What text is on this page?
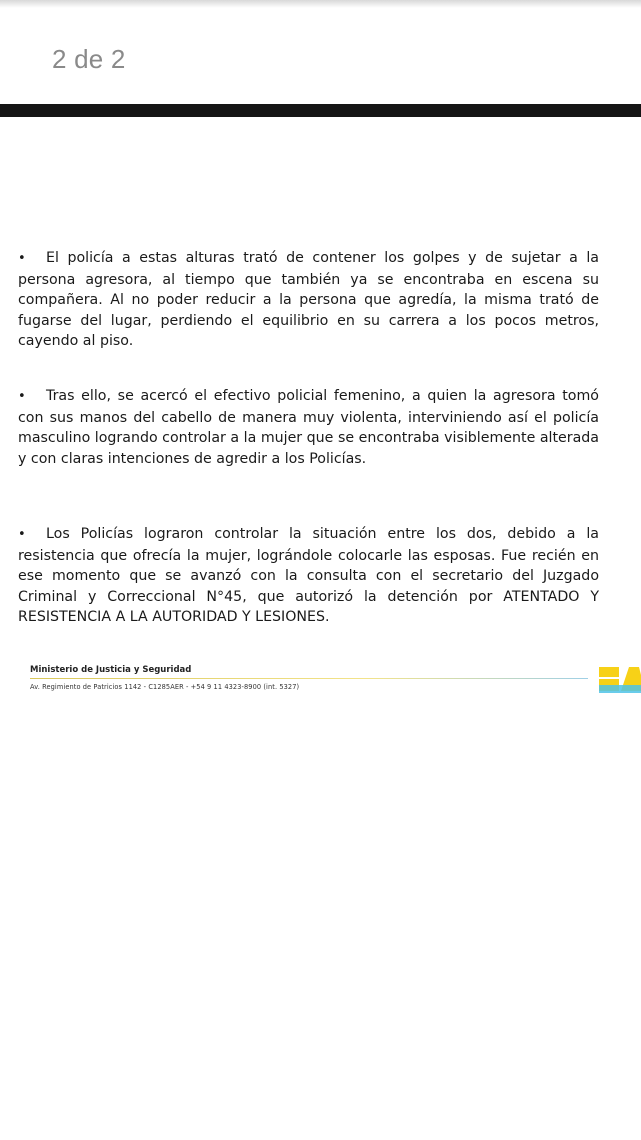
2 de 2

• El policía a estas alturas trató de contener los golpes y de sujetar a la persona agresora, al tiempo que también ya se encontraba en escena su compañera. Al no poder reducir a la persona que agredía, la misma trató de fugarse del lugar, perdiendo el equilibrio en su carrera a los pocos metros, cayendo al piso.

• Tras ello, se acercó el efectivo policial femenino, a quien la agresora tomó con sus manos del cabello de manera muy violenta, interviniendo así el policía masculino logrando controlar a la mujer que se encontraba visiblemente alterada y con claras intenciones de agredir a los Policías.

• Los Policías lograron controlar la situación entre los dos, debido a la resistencia que ofrecía la mujer, lográndole colocarle las esposas. Fue recién en ese momento que se avanzó con la consulta con el secretario del Juzgado Criminal y Correccional N°45, que autorizó la detención por ATENTADO Y RESISTENCIA A LA AUTORIDAD Y LESIONES.

Ministerio de Justicia y Seguridad
Av. Regimiento de Patricios 1142 - C1285AER - +54 9 11 4323-8900 (int. 5327)
